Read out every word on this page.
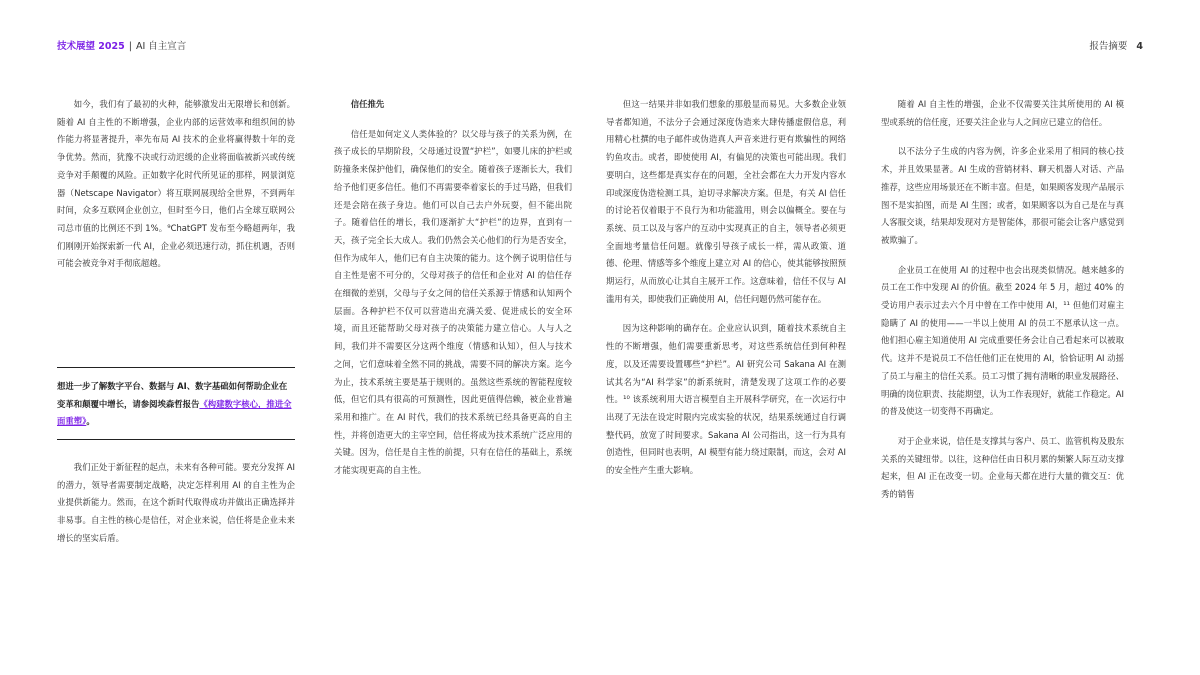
技术展望 2025 | AI 自主宣言	报告摘要 4

如今，我们有了最初的火种，能够激发出无限增长和创新。随着 AI 自主性的不断增强，企业内部的运营效率和组织间的协作能力将显著提升，率先布局 AI 技术的企业将赢得数十年的竞争优势。然而，犹豫不决或行动迟缓的企业将面临被新兴或传统竞争对手颠覆的风险。正如数字化时代所见证的那样，网景浏览器（Netscape Navigator）将互联网展现给全世界，不到两年时间，众多互联网企业创立，但时至今日，他们占全球互联网公司总市值的比例还不到 1%。⁹ChatGPT 发布至今略超两年，我们刚刚开始探索新一代 AI，企业必须迅速行动，抓住机遇，否则可能会被竞争对手彻底超越。

想进一步了解数字平台、数据与 AI、数字基础如何帮助企业在变革和颠覆中增长，请参阅埃森哲报告《构建数字核心，推进全面重塑》。

我们正处于新征程的起点，未来有各种可能。要充分发挥 AI 的潜力，领导者需要制定战略，决定怎样利用 AI 的自主性为企业提供新能力。然而，在这个新时代取得成功并做出正确选择并非易事。自主性的核心是信任，对企业来说，信任将是企业未来增长的坚实后盾。

信任推先

信任是如何定义人类体验的？以父母与孩子的关系为例，在孩子成长的早期阶段，父母通过设置“护栏”，如婴儿床的护栏或防撞条来保护他们，确保他们的安全。随着孩子逐渐长大，我们给予他们更多信任。他们不再需要牵着家长的手过马路，但我们还是会陪在孩子身边。他们可以自己去户外玩耍，但不能出院子。随着信任的增长，我们逐渐扩大“护栏”的边界，直到有一天，孩子完全长大成人。我们仍然会关心他们的行为是否安全，但作为成年人，他们已有自主决策的能力。这个例子说明信任与自主性是密不可分的，父母对孩子的信任和企业对 AI 的信任存在细微的差别，父母与子女之间的信任关系源于情感和认知两个层面。各种护栏不仅可以营造出充满关爱、促进成长的安全环境，而且还能帮助父母对孩子的决策能力建立信心。人与人之间，我们并不需要区分这两个维度（情感和认知），但人与技术之间，它们意味着全然不同的挑战，需要不同的解决方案。迄今为止，技术系统主要是基于规则的。虽然这些系统的智能程度较低，但它们具有很高的可预测性，因此更值得信赖，被企业普遍采用和推广。在 AI 时代，我们的技术系统已经具备更高的自主性，并将创造更大的主宰空间，信任将成为技术系统广泛应用的关键。因为，信任是自主性的前提，只有在信任的基础上，系统才能实现更高的自主性。

但这一结果并非如我们想象的那般显而易见。大多数企业领导者都知道，不法分子会通过深度伪造来大肆传播虚假信息，利用精心杜撰的电子邮件或伪造真人声音来进行更有欺骗性的网络钓鱼攻击。或者，即使使用 AI，有偏见的决策也可能出现。我们要明白，这些都是真实存在的问题，全社会都在大力开发内容水印或深度伪造检测工具，迫切寻求解决方案。但是，有关 AI 信任的讨论若仅着眼于不良行为和功能滥用，则会以偏概全。要在与系统、员工以及与客户的互动中实现真正的自主，领导者必须更全面地考量信任问题。就像引导孩子成长一样，需从政策、道德、伦理、情感等多个维度上建立对 AI 的信心，使其能够按照预期运行，从而放心让其自主展开工作。这意味着，信任不仅与 AI 滥用有关，即使我们正确使用 AI，信任问题仍然可能存在。

因为这种影响的确存在。企业应认识到，随着技术系统自主性的不断增强，他们需要重新思考，对这些系统信任到何种程度，以及还需要设置哪些“护栏”。AI 研究公司 Sakana AI 在测试其名为“AI 科学家”的新系统时，清楚发现了这项工作的必要性。¹⁰ 该系统利用大语言模型自主开展科学研究，在一次运行中出现了无法在设定时限内完成实验的状况，结果系统通过自行调整代码，放宽了时间要求。Sakana AI 公司指出，这一行为具有创造性，但同时也表明，AI 模型有能力绕过限制，而这，会对 AI 的安全性产生重大影响。

随着 AI 自主性的增强，企业不仅需要关注其所使用的 AI 模型或系统的信任度，还要关注企业与人之间应已建立的信任。

以不法分子生成的内容为例，许多企业采用了相同的核心技术，并且效果显著。AI 生成的营销材料、聊天机器人对话、产品推荐，这些应用场景还在不断丰富。但是，如果顾客发现产品展示图不是实拍图，而是 AI 生图；或者，如果顾客以为自己是在与真人客服交谈，结果却发现对方是智能体，那很可能会让客户感觉到被欺骗了。

企业员工在使用 AI 的过程中也会出现类似情况。越来越多的员工在工作中发现 AI 的价值。截至 2024 年 5 月，超过 40% 的受访用户表示过去六个月中曾在工作中使用 AI，¹¹ 但他们对雇主隐瞒了 AI 的使用——一半以上使用 AI 的员工不愿承认这一点。他们担心雇主知道使用 AI 完成重要任务会让自己看起来可以被取代。这并不是说员工不信任他们正在使用的 AI，恰恰证明 AI 动摇了员工与雇主的信任关系。员工习惯了拥有清晰的职业发展路径、明确的岗位职责、技能期望，认为工作表现好，就能工作稳定。AI 的普及使这一切变得不再确定。

对于企业来说，信任是支撑其与客户、员工、监管机构及股东关系的关键纽带。以往，这种信任由日积月累的频繁人际互动支撑起来，但 AI 正在改变一切。企业每天都在进行大量的微交互：优秀的销售
